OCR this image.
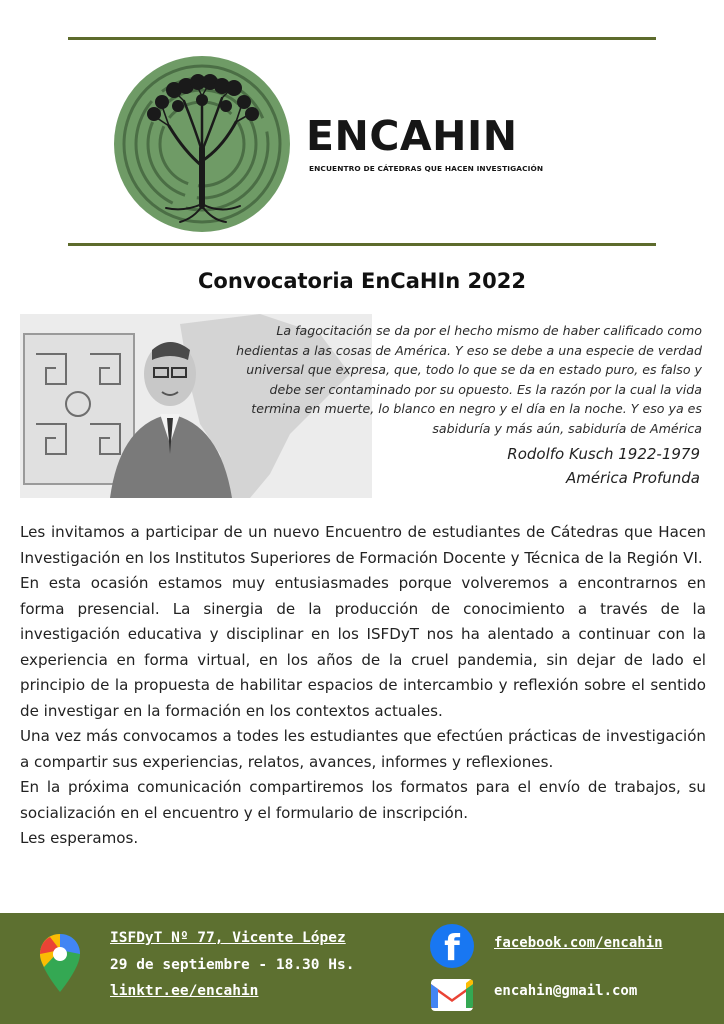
ENCAHIN
ENCUENTRO DE CÁTEDRAS QUE HACEN INVESTIGACIÓN
Convocatoria EnCaHIn 2022
La fagocitación se da por el hecho mismo de haber calificado como hedientas a las cosas de América. Y eso se debe a una especie de verdad universal que expresa, que, todo lo que se da en estado puro, es falso y debe ser contaminado por su opuesto. Es la razón por la cual la vida termina en muerte, lo blanco en negro y el día en la noche. Y eso ya es sabiduría y más aún, sabiduría de América
Rodolfo Kusch 1922-1979
América Profunda

Les invitamos a participar de un nuevo Encuentro de estudiantes de Cátedras que Hacen Investigación en los Institutos Superiores de Formación Docente y Técnica de la Región VI.

En esta ocasión estamos muy entusiasmades porque volveremos a encontrarnos en forma presencial. La sinergia de la producción de conocimiento a través de la investigación educativa y disciplinar en los ISFDyT nos ha alentado a continuar con la experiencia en forma virtual, en los años de la cruel pandemia, sin dejar de lado el principio de la propuesta de habilitar espacios de intercambio y reflexión sobre el sentido de investigar en la formación en los contextos actuales.

Una vez más convocamos a todes les estudiantes que efectúen prácticas de investigación a compartir sus experiencias, relatos, avances, informes y reflexiones.

En la próxima comunicación compartiremos los formatos para el envío de trabajos, su socialización en el encuentro y el formulario de inscripción.

Les esperamos.

ISFDyT Nº 77, Vicente López
29 de septiembre - 18.30 Hs.
linktr.ee/encahin
f	facebook.com/encahin
encahin@gmail.com
